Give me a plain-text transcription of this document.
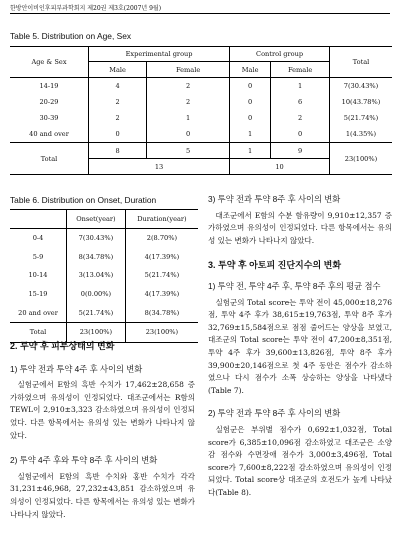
한방안이비인후피부과학회지 제20권 제3호(2007년 9월)
Table 5. Distribution on Age, Sex
Age & Sex	Experimental group		Control group		Total
	Male	Female	Male	Female	
14-19	4	2	0	1	7(30.43%)
20-29	2	2	0	6	10(43.78%)
30-39	2	1	0	2	5(21.74%)
40 and over	0	0	1	0	1(4.35%)
Total	8	5	1	9	23(100%)
	13		10		
Table 6. Distribution on Onset, Duration
	Onset(year)	Duration(year)
0-4	7(30.43%)	2(8.70%)
5-9	8(34.78%)	4(17.39%)
10-14	3(13.04%)	5(21.74%)
15-19	0(0.00%)	4(17.39%)
20 and over	5(21.74%)	8(34.78%)
Total	23(100%)	23(100%)

2. 투약 후 피부상태의 변화

1) 투약 전과 투약 4주 후 사이의 변화

실험군에서 E함의 흑반 수치가 17,462±28,658 증가하였으며 유의성이 인정되었다. 대조군에서는 R함의 TEWL이 2,910±3,323 감소하였으며 유의성이 인정되었다. 다른 항목에서는 유의성 있는 변화가 나타나지 않았다.

2) 투약 4주 후와 투약 8주 후 사이의 변화

실험군에서 E함의 흑반 수치와 홍반 수치가 각각 31,231±46,968, 27,232±43,851 감소하였으며 유의성이 인정되었다. 다른 항목에서는 유의성 있는 변화가 나타나지 않았다.

3) 투약 전과 투약 8주 후 사이의 변화

대조군에서 E함의 수분 함유량이 9,910±12,357 증가하였으며 유의성이 인정되었다. 다른 항목에서는 유의성 있는 변화가 나타나지 않았다.

3. 투약 후 아토피 진단지수의 변화

1) 투약 전, 투약 4주 후, 투약 8주 후의 평균 점수

실험군의 Total score는 투약 전이 45,000±18,276점, 투약 4주 후가 38,615±19,763점, 투약 8주 후가 32,769±15,584점으로 점점 줄어드는 양상을 보였고, 대조군의 Total score는 투약 전이 47,200±8,351점, 투약 4주 후가 39,600±13,826점, 투약 8주 후가 39,900±20,146점으로 첫 4주 동안은 점수가 감소하였으나 다시 점수가 소폭 상승하는 양상을 나타냈다(Table 7).

2) 투약 전과 투약 8주 후 사이의 변화

실험군은 부위별 점수가 0,692±1,032점, Total score가 6,385±10,096점 감소하였고 대조군은 소양감 점수와 수면장애 점수가 3,000±3,496점, Total score가 7,600±8,222점 감소하였으며 유의성이 인정되었다. Total score상 대조군의 호전도가 높게 나타났다(Table 8).
